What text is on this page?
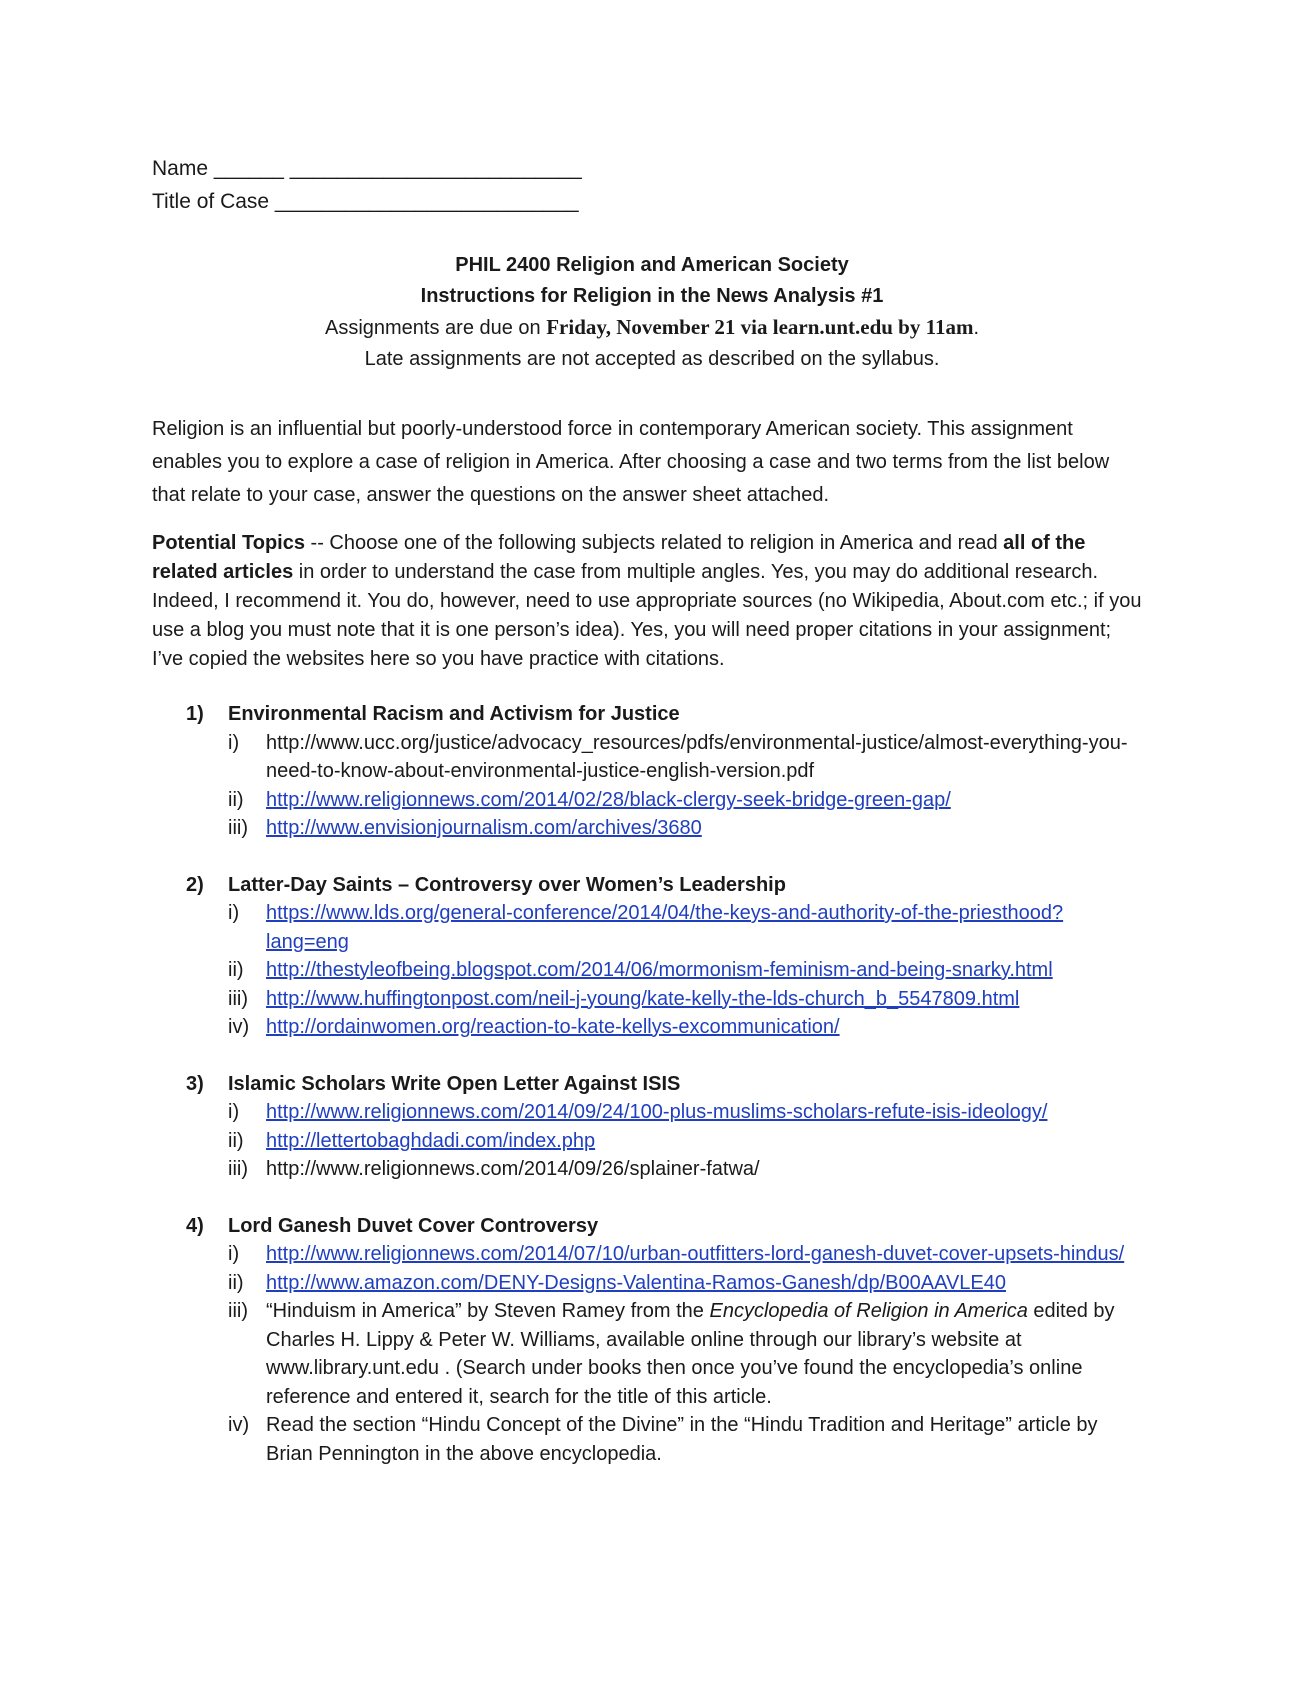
Name ______ _________________________
Title of Case __________________________
PHIL 2400 Religion and American Society
Instructions for Religion in the News Analysis #1
Assignments are due on Friday, November 21 via learn.unt.edu by 11am.
Late assignments are not accepted as described on the syllabus.
Religion is an influential but poorly-understood force in contemporary American society. This assignment enables you to explore a case of religion in America. After choosing a case and two terms from the list below that relate to your case, answer the questions on the answer sheet attached.
Potential Topics -- Choose one of the following subjects related to religion in America and read all of the related articles in order to understand the case from multiple angles. Yes, you may do additional research. Indeed, I recommend it. You do, however, need to use appropriate sources (no Wikipedia, About.com etc.; if you use a blog you must note that it is one person’s idea). Yes, you will need proper citations in your assignment; I’ve copied the websites here so you have practice with citations.
1)	Environmental Racism and Activism for Justice
i)	http://www.ucc.org/justice/advocacy_resources/pdfs/environmental-justice/almost-everything-you-need-to-know-about-environmental-justice-english-version.pdf
ii)	http://www.religionnews.com/2014/02/28/black-clergy-seek-bridge-green-gap/
iii) http://www.envisionjournalism.com/archives/3680
2)	Latter-Day Saints – Controversy over Women’s Leadership
i)	https://www.lds.org/general-conference/2014/04/the-keys-and-authority-of-the-priesthood?lang=eng
ii)	http://thestyleofbeing.blogspot.com/2014/06/mormonism-feminism-and-being-snarky.html
iii) http://www.huffingtonpost.com/neil-j-young/kate-kelly-the-lds-church_b_5547809.html
iv) http://ordainwomen.org/reaction-to-kate-kellys-excommunication/
3)	Islamic Scholars Write Open Letter Against ISIS
i)	http://www.religionnews.com/2014/09/24/100-plus-muslims-scholars-refute-isis-ideology/
ii)	http://lettertobaghdadi.com/index.php
iii) http://www.religionnews.com/2014/09/26/splainer-fatwa/
4)	Lord Ganesh Duvet Cover Controversy
i)	http://www.religionnews.com/2014/07/10/urban-outfitters-lord-ganesh-duvet-cover-upsets-hindus/
ii)	http://www.amazon.com/DENY-Designs-Valentina-Ramos-Ganesh/dp/B00AAVLE40
iii) “Hinduism in America” by Steven Ramey from the Encyclopedia of Religion in America edited by Charles H. Lippy & Peter W. Williams, available online through our library’s website at www.library.unt.edu . (Search under books then once you’ve found the encyclopedia’s online reference and entered it, search for the title of this article.
iv) Read the section “Hindu Concept of the Divine” in the “Hindu Tradition and Heritage” article by Brian Pennington in the above encyclopedia.
